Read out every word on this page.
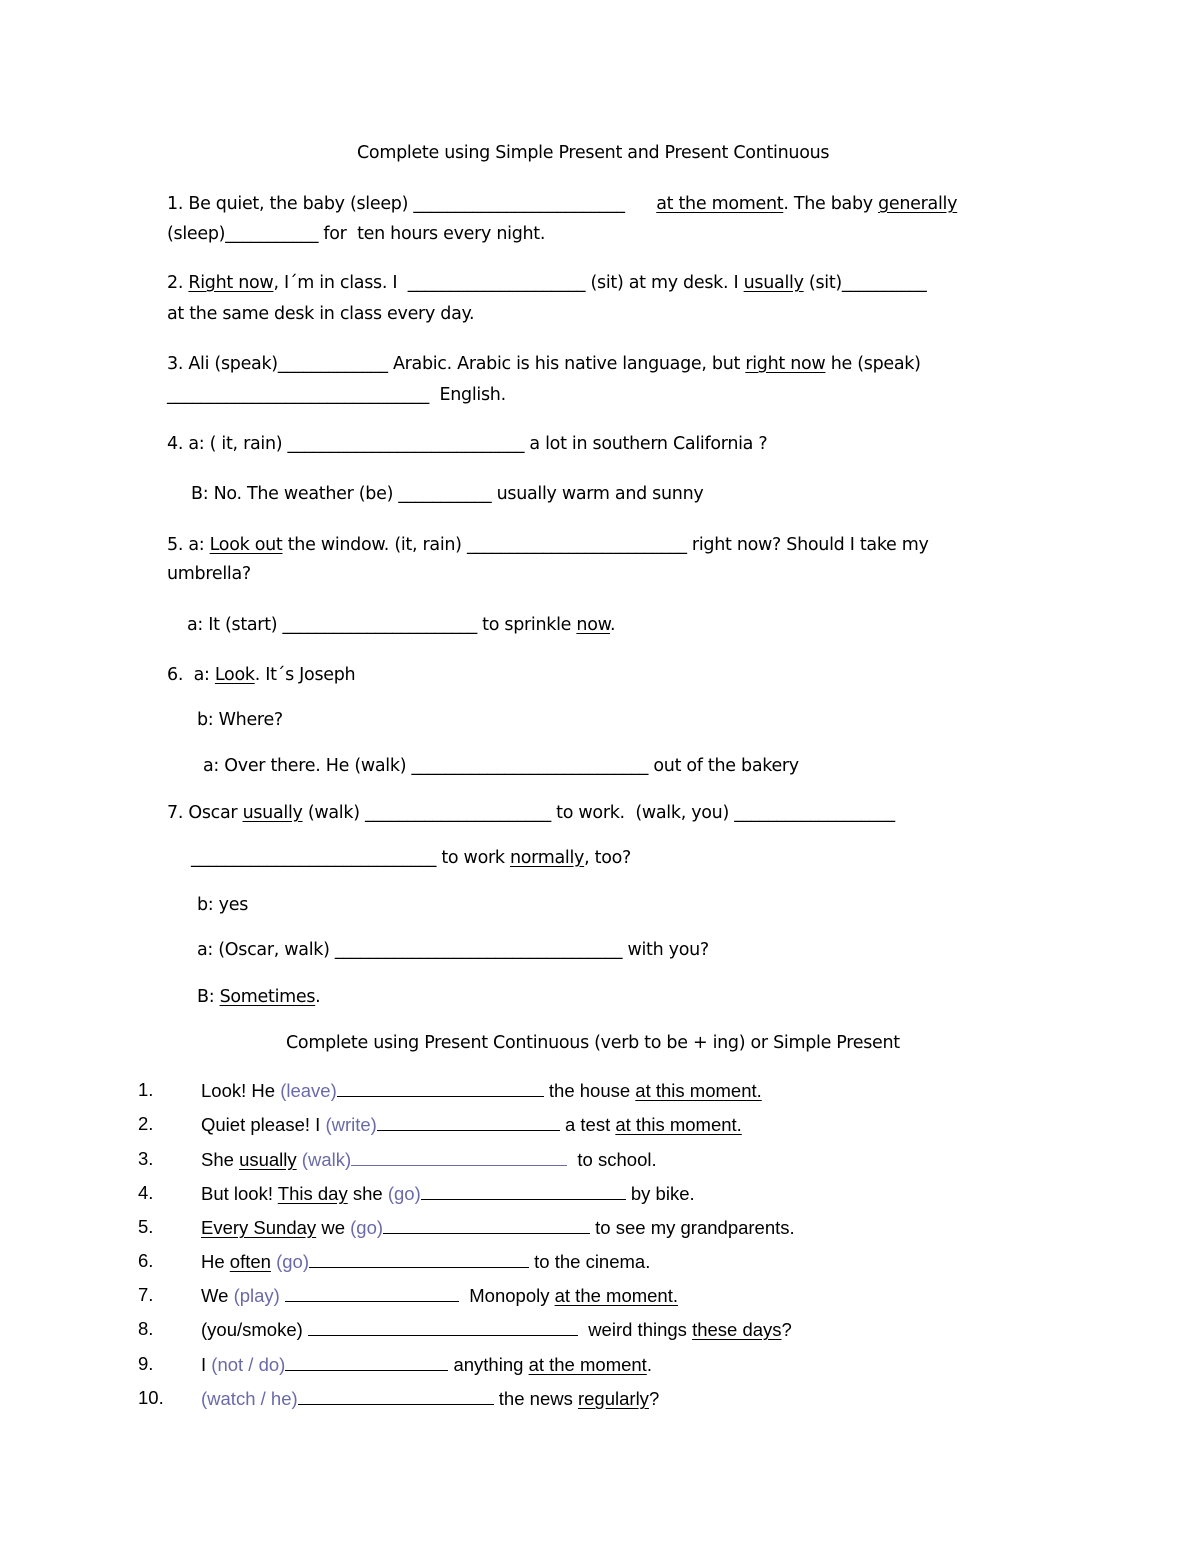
Complete using Simple Present and Present Continuous
1. Be quiet, the baby (sleep) _________________________ at the moment. The baby generally
(sleep)___________ for  ten hours every night.
2. Right now, I´m in class. I  _____________________ (sit) at my desk. I usually (sit)__________
at the same desk in class every day.
3. Ali (speak)_____________ Arabic. Arabic is his native language, but right now he (speak)
_______________________________  English.
4. a: ( it, rain) ____________________________ a lot in southern California ?
B: No. The weather (be) ___________ usually warm and sunny
5. a: Look out the window. (it, rain) __________________________ right now? Should I take my
umbrella?
a: It (start) _______________________ to sprinkle now.
6.  a: Look. It´s Joseph
b: Where?
a: Over there. He (walk) ____________________________ out of the bakery
7. Oscar usually (walk) ______________________ to work.  (walk, you) ___________________
_____________________________ to work normally, too?
b: yes
a: (Oscar, walk) __________________________________ with you?
B: Sometimes.
Complete using Present Continuous (verb to be + ing) or Simple Present
1.	Look! He (leave)	the house at this moment.
2.	Quiet please! I (write)	a test at this moment.
3.	She usually (walk)	to school.
4.	But look! This day she (go)	by bike.
5.	Every Sunday we (go)	to see my grandparents.
6.	He often (go)	to the cinema.
7.	We (play)	Monopoly at the moment.
8.	(you/smoke)	weird things these days?
9.	I (not / do)	anything at the moment.
10. (watch / he)	the news regularly?
